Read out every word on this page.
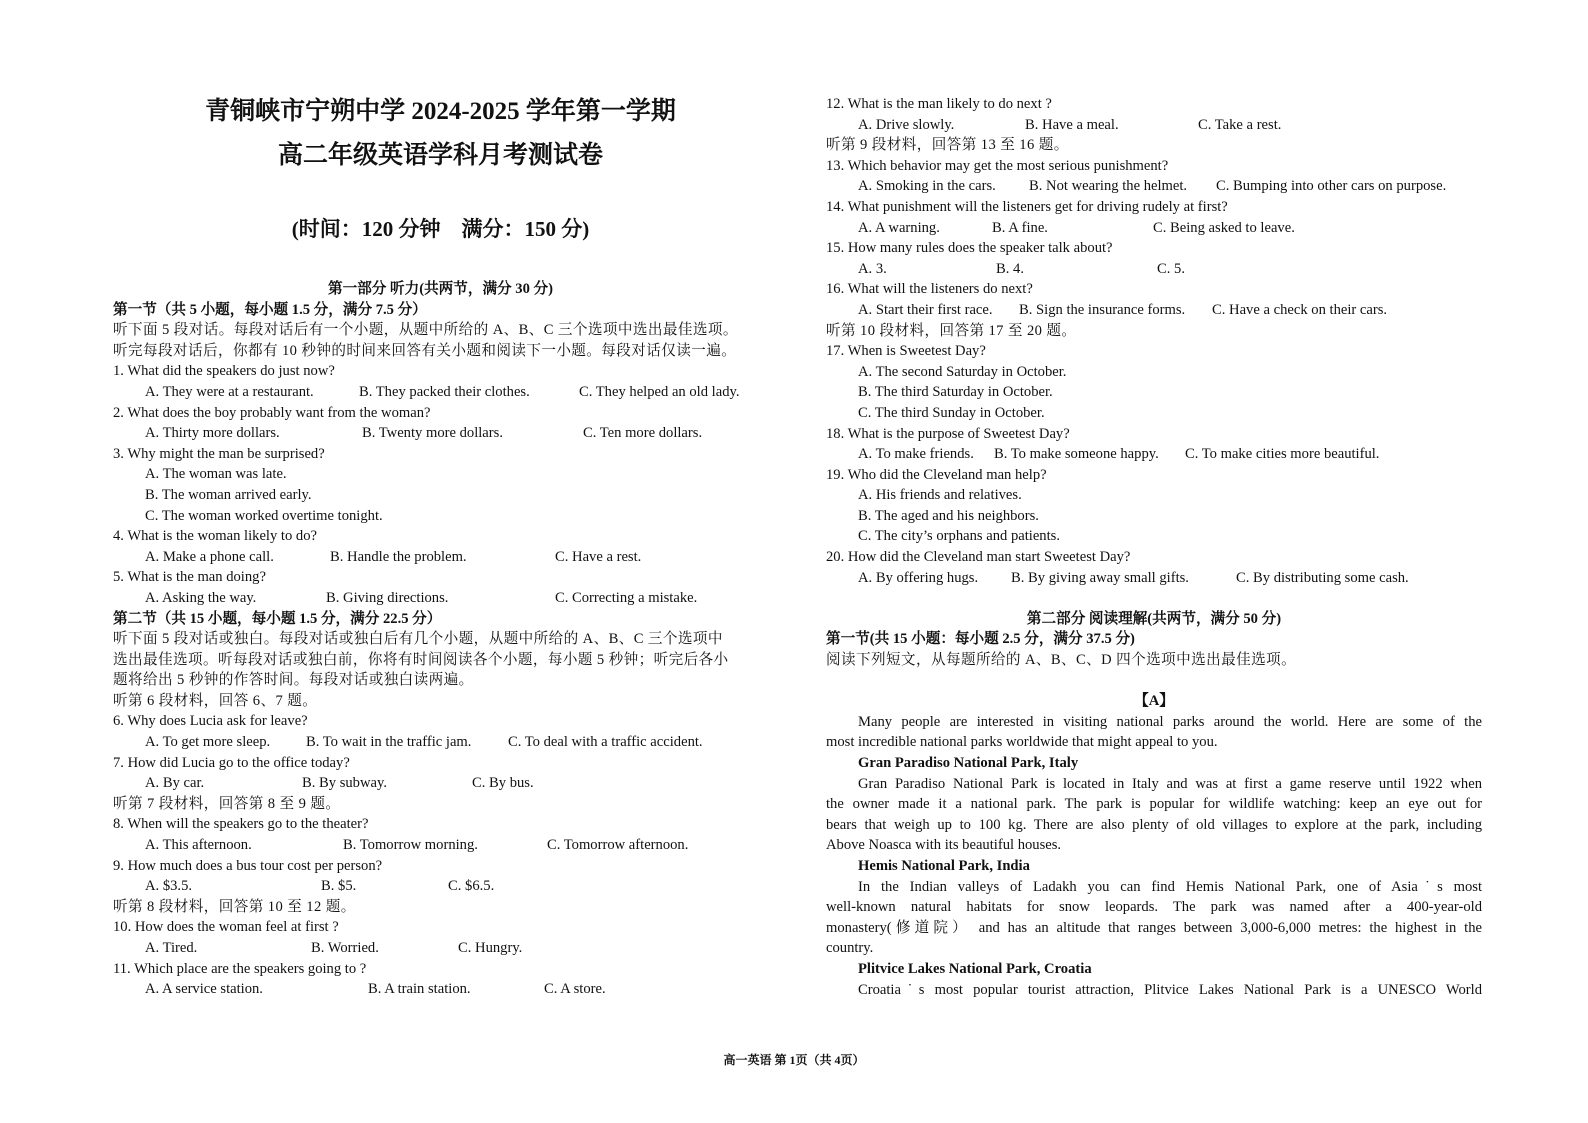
青铜峡市宁朔中学 2024-2025 学年第一学期
高二年级英语学科月考测试卷
(时间：120 分钟    满分：150 分)
第一部分 听力(共两节，满分 30 分)
第一节（共 5 小题，每小题 1.5 分，满分 7.5 分）
听下面 5 段对话。每段对话后有一个小题，从题中所给的 A、B、C 三个选项中选出最佳选项。
听完每段对话后，你都有 10 秒钟的时间来回答有关小题和阅读下一小题。每段对话仅读一遍。
1. What did the speakers do just now?
A. They were at a restaurant.	B. They packed their clothes.	C. They helped an old lady.
2. What does the boy probably want from the woman?
A. Thirty more dollars.	B. Twenty more dollars.	C. Ten more dollars.
3. Why might the man be surprised?
A. The woman was late.
B. The woman arrived early.
C. The woman worked overtime tonight.
4. What is the woman likely to do?
A. Make a phone call.	B. Handle the problem.	C. Have a rest.
5. What is the man doing?
A. Asking the way.	B. Giving directions.	C. Correcting a mistake.
第二节（共 15 小题，每小题 1.5 分，满分 22.5 分）
听下面 5 段对话或独白。每段对话或独白后有几个小题，从题中所给的 A、B、C 三个选项中
选出最佳选项。听每段对话或独白前，你将有时间阅读各个小题，每小题 5 秒钟；听完后各小
题将给出 5 秒钟的作答时间。每段对话或独白读两遍。
听第 6 段材料，回答 6、7 题。
6. Why does Lucia ask for leave?
A. To get more sleep. B. To wait in the traffic jam.	C. To deal with a traffic accident.
7. How did Lucia go to the office today?
A. By car.	B. By subway.	C. By bus.
听第 7 段材料，回答第 8 至 9 题。
8. When will the speakers go to the theater?
A. This afternoon.	B. Tomorrow morning.	C. Tomorrow afternoon.
9. How much does a bus tour cost per person?
A. $3.5.	B. $5.	C. $6.5.
听第 8 段材料，回答第 10 至 12 题。
10. How does the woman feel at first ?
A. Tired.	B. Worried.	C. Hungry.
11. Which place are the speakers going to ?
A. A service station.	B. A train station.	C. A store.
12. What is the man likely to do next ?
A. Drive slowly.	B. Have a meal.	C. Take a rest.
听第 9 段材料，回答第 13 至 16 题。
13. Which behavior may get the most serious punishment?
A. Smoking in the cars. B. Not wearing the helmet. C. Bumping into other cars on purpose.
14. What punishment will the listeners get for driving rudely at first?
A. A warning.	B. A fine.	C. Being asked to leave.
15. How many rules does the speaker talk about?
A. 3.	B. 4.	C. 5.
16. What will the listeners do next?
A. Start their first race. B. Sign the insurance forms. C. Have a check on their cars.
听第 10 段材料，回答第 17 至 20 题。
17. When is Sweetest Day?
A. The second Saturday in October.
B. The third Saturday in October.
C. The third Sunday in October.
18. What is the purpose of Sweetest Day?
A. To make friends. B. To make someone happy. C. To make cities more beautiful.
19. Who did the Cleveland man help?
A. His friends and relatives.
B. The aged and his neighbors.
C. The city’s orphans and patients.
20. How did the Cleveland man start Sweetest Day?
A. By offering hugs. B. By giving away small gifts.	C. By distributing some cash.
第二部分 阅读理解(共两节，满分 50 分)
第一节(共 15 小题：每小题 2.5 分，满分 37.5 分)
阅读下列短文，从每题所给的 A、B、C、D 四个选项中选出最佳选项。
【A】
Many people are interested in visiting national parks around the world. Here are some of the
most incredible national parks worldwide that might appeal to you.
Gran Paradiso National Park, Italy
Gran Paradiso National Park is located in Italy and was at first a game reserve until 1922 when
the owner made it a national park. The park is popular for wildlife watching: keep an eye out for
bears that weigh up to 100 kg. There are also plenty of old villages to explore at the park, including
Above Noasca with its beautiful houses.
Hemis National Park, India
In the Indian valleys of Ladakh you can find Hemis National Park, one of Asia˙s most
well-known natural habitats for snow leopards. The park was named after a 400-year-old
monastery(修道院） and has an altitude that ranges between 3,000-6,000 metres: the highest in the
country.
Plitvice Lakes National Park, Croatia
Croatia˙s most popular tourist attraction, Plitvice Lakes National Park is a UNESCO World
高一英语 第 1页（共 4页）
